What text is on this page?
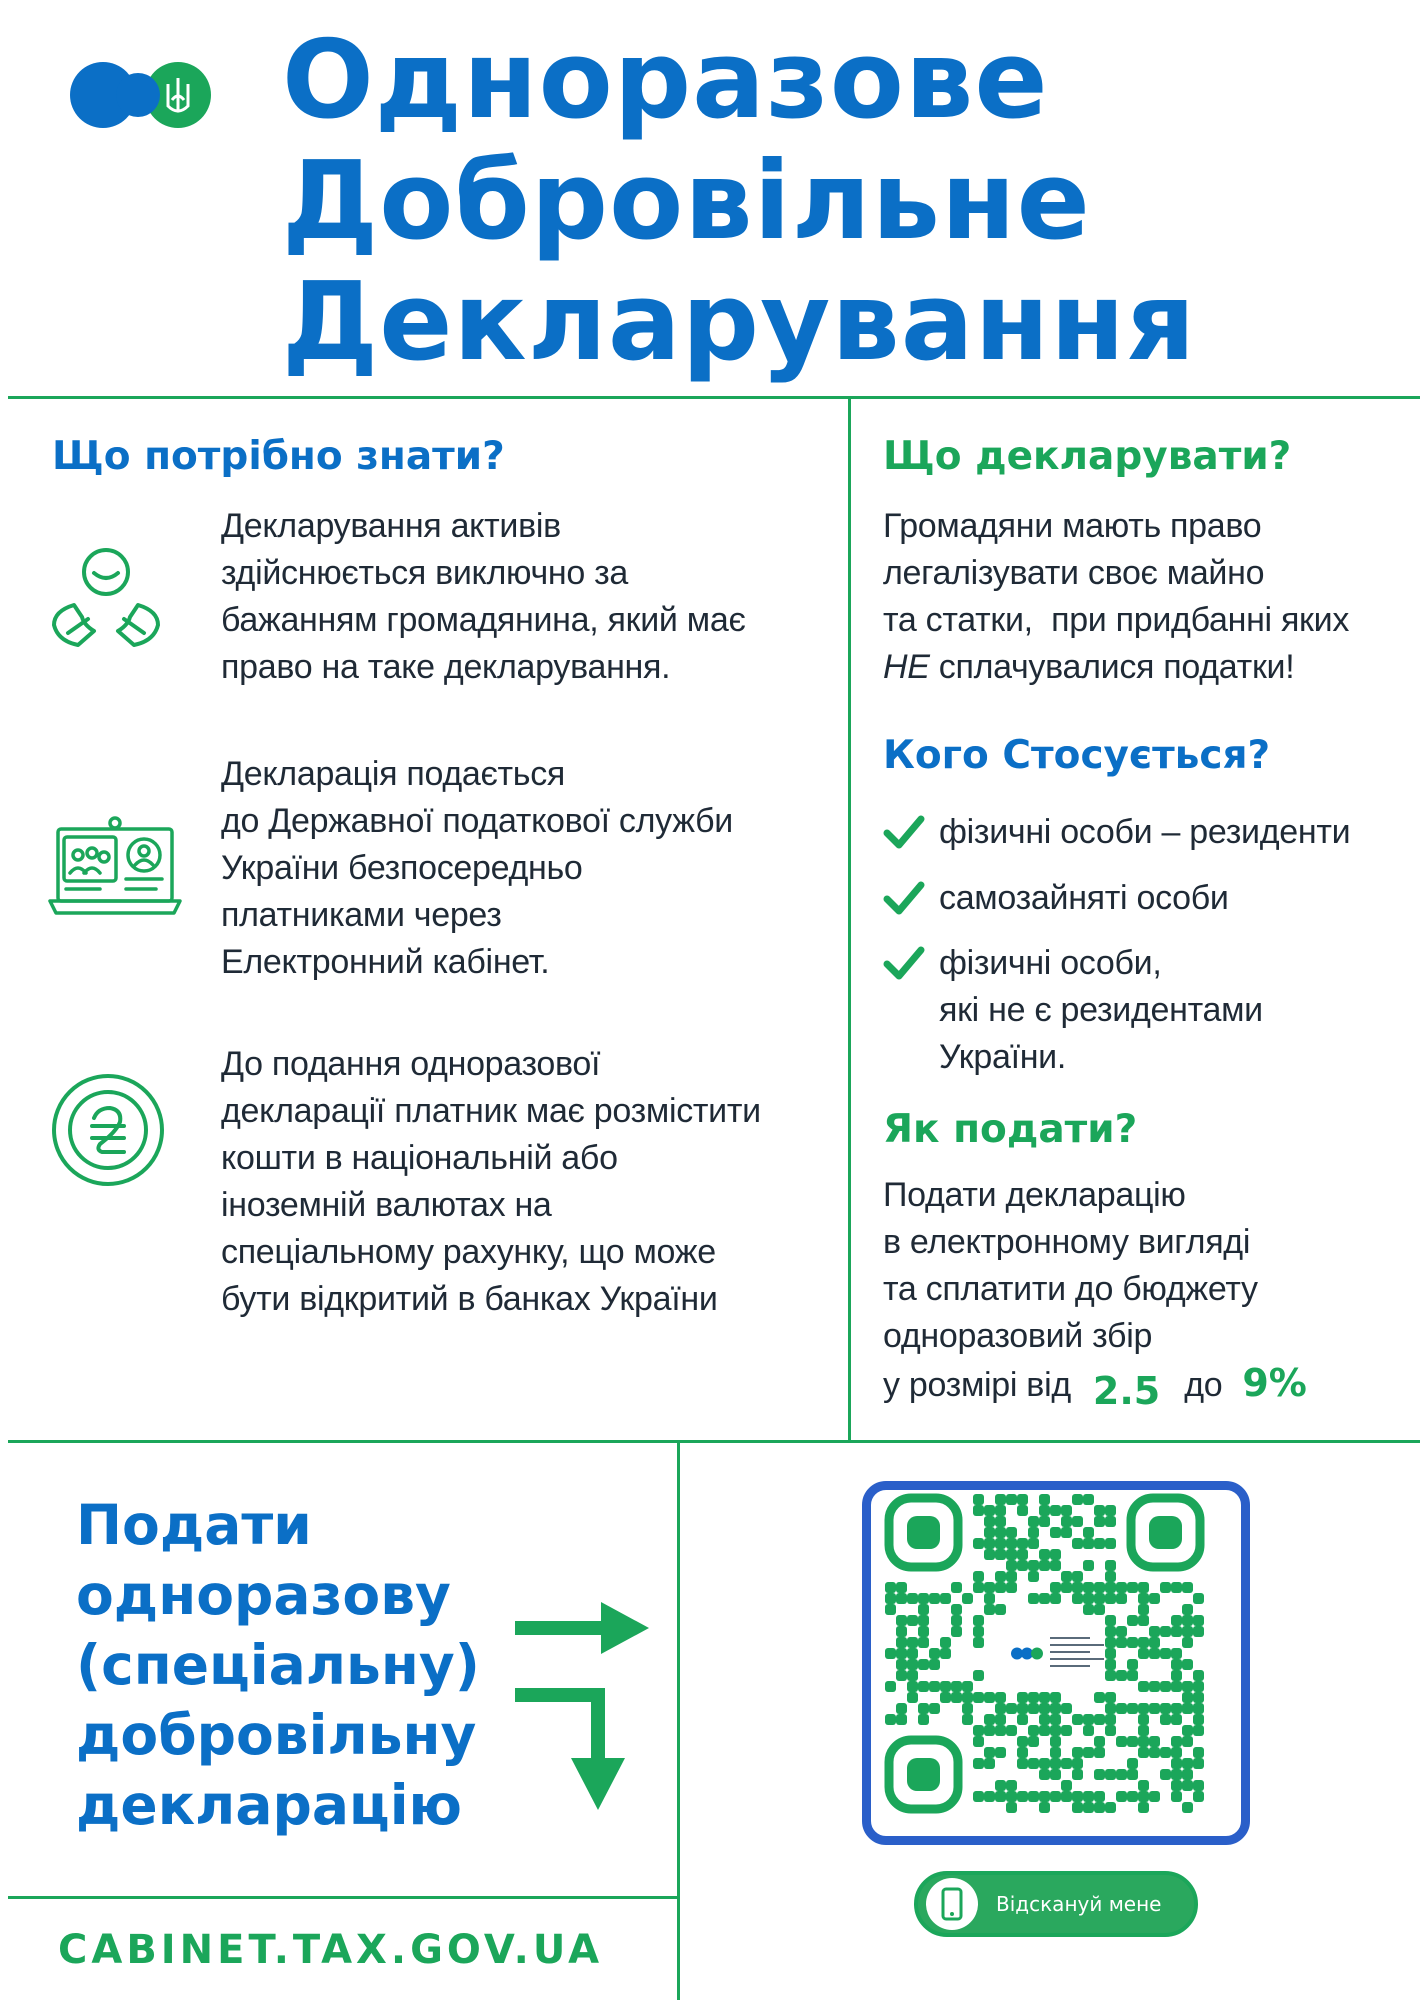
Одноразове
Добровільне
Декларування
Що потрібно знати?

Декларування активів
здійснюється виключно за
бажанням громадянина, який має
право на таке декларування.

Декларація подається
до Державної податкової служби
України безпосередньо
платниками через
Електронний кабінет.

До подання одноразової
декларації платник має розмістити
кошти в національній або
іноземній валютах на
спеціальному рахунку, що може
бути відкритий в банках України

Що декларувати?
Громадяни мають право
легалізувати своє майно
та статки,  при придбанні яких
НЕ сплачувалися податки!
Кого Стосується?
фізичні особи – резиденти
самозайняті особи
фізичні особи,
які не є резидентами
України.
Як подати?

Подати декларацію
в електронному вигляді
та сплатити до бюджету
одноразовий збір

у розмірі від 2.5 до 9%

Подати

одноразову

(спеціальну)

добровільну

декларацію

CABINET.TAX.GOV.UA
Відскануй мене
